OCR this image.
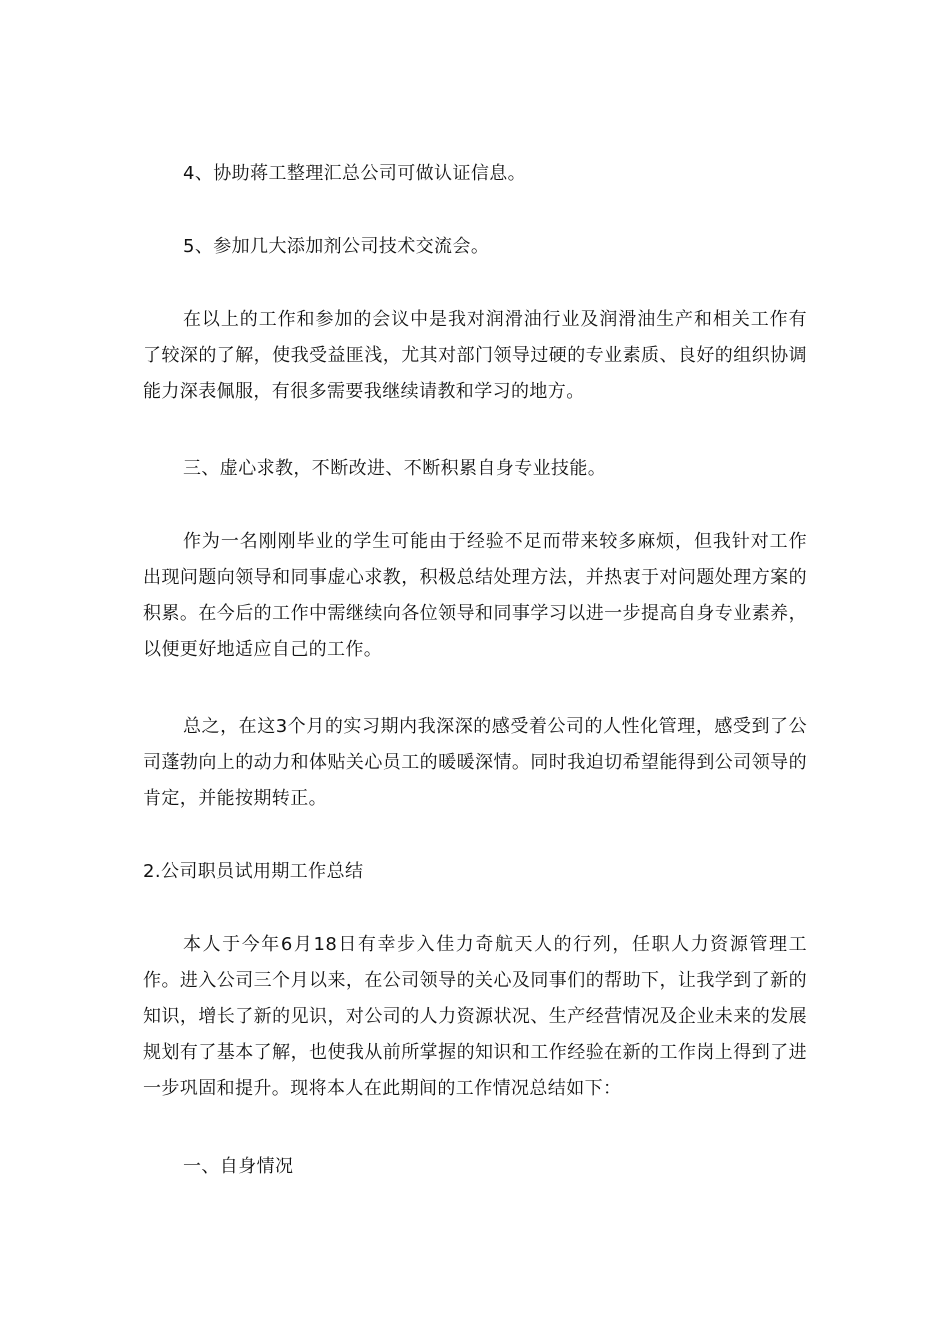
4、协助蒋工整理汇总公司可做认证信息。

5、参加几大添加剂公司技术交流会。

在以上的工作和参加的会议中是我对润滑油行业及润滑油生产和相关工作有了较深的了解，使我受益匪浅，尤其对部门领导过硬的专业素质、良好的组织协调能力深表佩服，有很多需要我继续请教和学习的地方。

三、虚心求教，不断改进、不断积累自身专业技能。

作为一名刚刚毕业的学生可能由于经验不足而带来较多麻烦，但我针对工作出现问题向领导和同事虚心求教，积极总结处理方法，并热衷于对问题处理方案的积累。在今后的工作中需继续向各位领导和同事学习以进一步提高自身专业素养，以便更好地适应自己的工作。

总之，在这3个月的实习期内我深深的感受着公司的人性化管理，感受到了公司蓬勃向上的动力和体贴关心员工的暖暖深情。同时我迫切希望能得到公司领导的肯定，并能按期转正。

2.公司职员试用期工作总结

本人于今年6月18日有幸步入佳力奇航天人的行列，任职人力资源管理工作。进入公司三个月以来，在公司领导的关心及同事们的帮助下，让我学到了新的知识，增长了新的见识，对公司的人力资源状况、生产经营情况及企业未来的发展规划有了基本了解，也使我从前所掌握的知识和工作经验在新的工作岗上得到了进一步巩固和提升。现将本人在此期间的工作情况总结如下：

一、自身情况
